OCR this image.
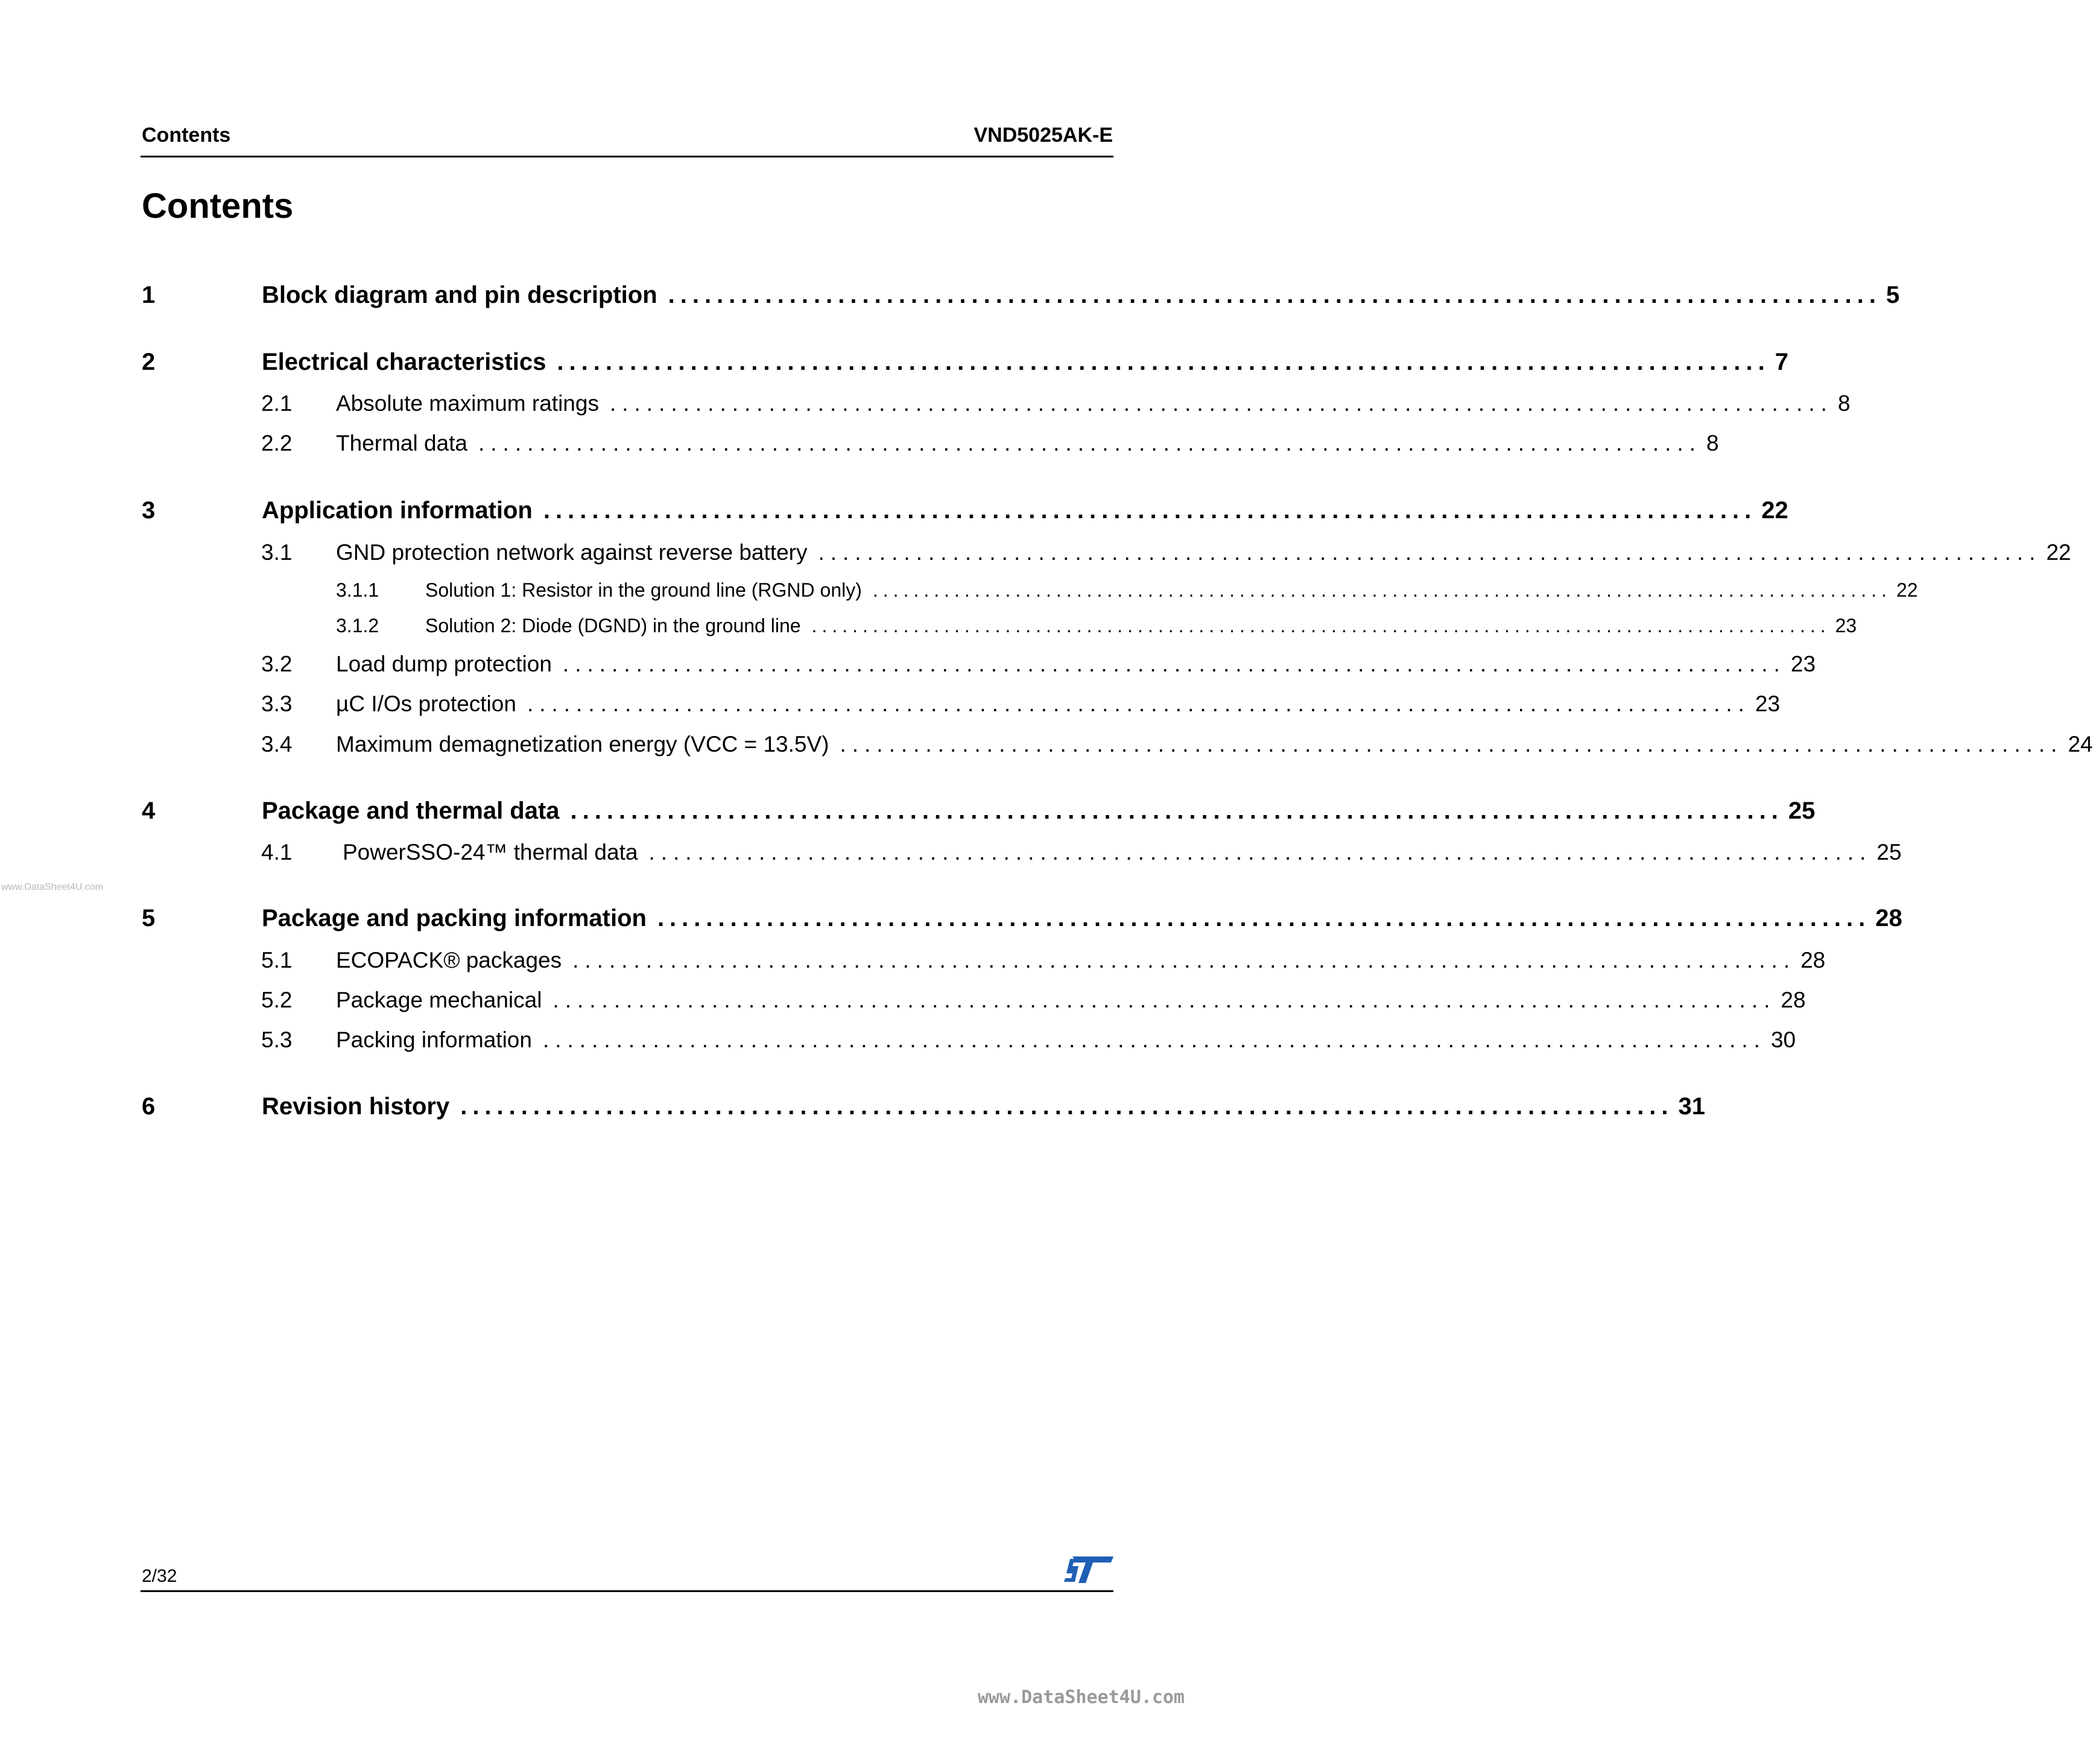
Contents	VND5025AK-E
Contents
1	Block diagram and pin description .................................................................................................... 5
2	Electrical characteristics .................................................................................................... 7
2.1 Absolute maximum ratings .................................................................................................... 8
2.2 Thermal data .................................................................................................... 8
3	Application information .................................................................................................... 22
3.1 GND protection network against reverse battery .................................................................................................... 22
3.1.1 Solution 1: Resistor in the ground line (RGND only) .................................................................................................... 22
3.1.2 Solution 2: Diode (DGND) in the ground line .................................................................................................... 23
3.2 Load dump protection .................................................................................................... 23
3.3 µC I/Os protection .................................................................................................... 23
3.4 Maximum demagnetization energy (VCC = 13.5V) .................................................................................................... 24
4	Package and thermal data .................................................................................................... 25
4.1 PowerSSO-24™ thermal data .................................................................................................... 25
5	Package and packing information .................................................................................................... 28
5.1 ECOPACK® packages .................................................................................................... 28
5.2 Package mechanical .................................................................................................... 28
5.3 Packing information .................................................................................................... 30
6	Revision history .................................................................................................... 31
www.DataSheet4U.com
2/32
www.DataSheet4U.com
